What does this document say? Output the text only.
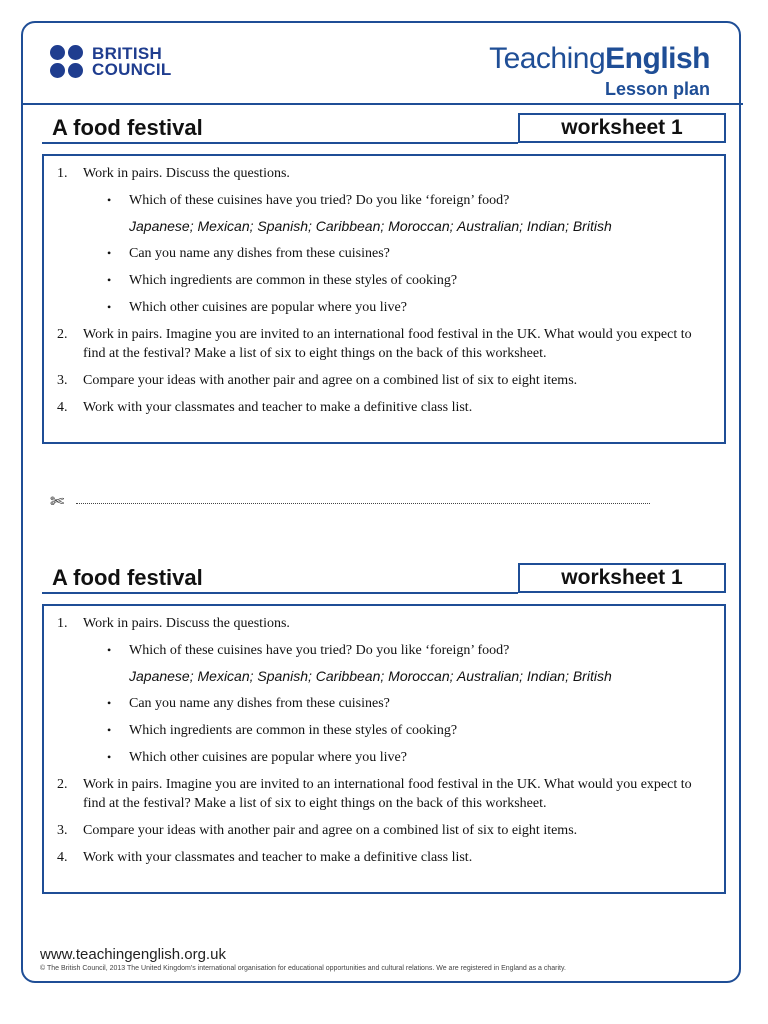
BRITISH
COUNCIL	TeachingEnglish
Lesson plan
A food festival	worksheet 1
1.	Work in pairs. Discuss the questions.
•	Which of these cuisines have you tried? Do you like ‘foreign’ food?
Japanese; Mexican; Spanish; Caribbean; Moroccan; Australian; Indian; British
•	Can you name any dishes from these cuisines?
•	Which ingredients are common in these styles of cooking?
•	Which other cuisines are popular where you live?
2.	Work in pairs. Imagine you are invited to an international food festival in the UK. What would you expect to find at the festival? Make a list of six to eight things on the back of this worksheet.
3.	Compare your ideas with another pair and agree on a combined list of six to eight items.
4.	Work with your classmates and teacher to make a definitive class list.
✄
A food festival	worksheet 1
1.	Work in pairs. Discuss the questions.
•	Which of these cuisines have you tried? Do you like ‘foreign’ food?
Japanese; Mexican; Spanish; Caribbean; Moroccan; Australian; Indian; British
•	Can you name any dishes from these cuisines?
•	Which ingredients are common in these styles of cooking?
•	Which other cuisines are popular where you live?
2.	Work in pairs. Imagine you are invited to an international food festival in the UK. What would you expect to find at the festival? Make a list of six to eight things on the back of this worksheet.
3.	Compare your ideas with another pair and agree on a combined list of six to eight items.
4.	Work with your classmates and teacher to make a definitive class list.
www.teachingenglish.org.uk
© The British Council, 2013 The United Kingdom’s international organisation for educational opportunities and cultural relations. We are registered in England as a charity.
